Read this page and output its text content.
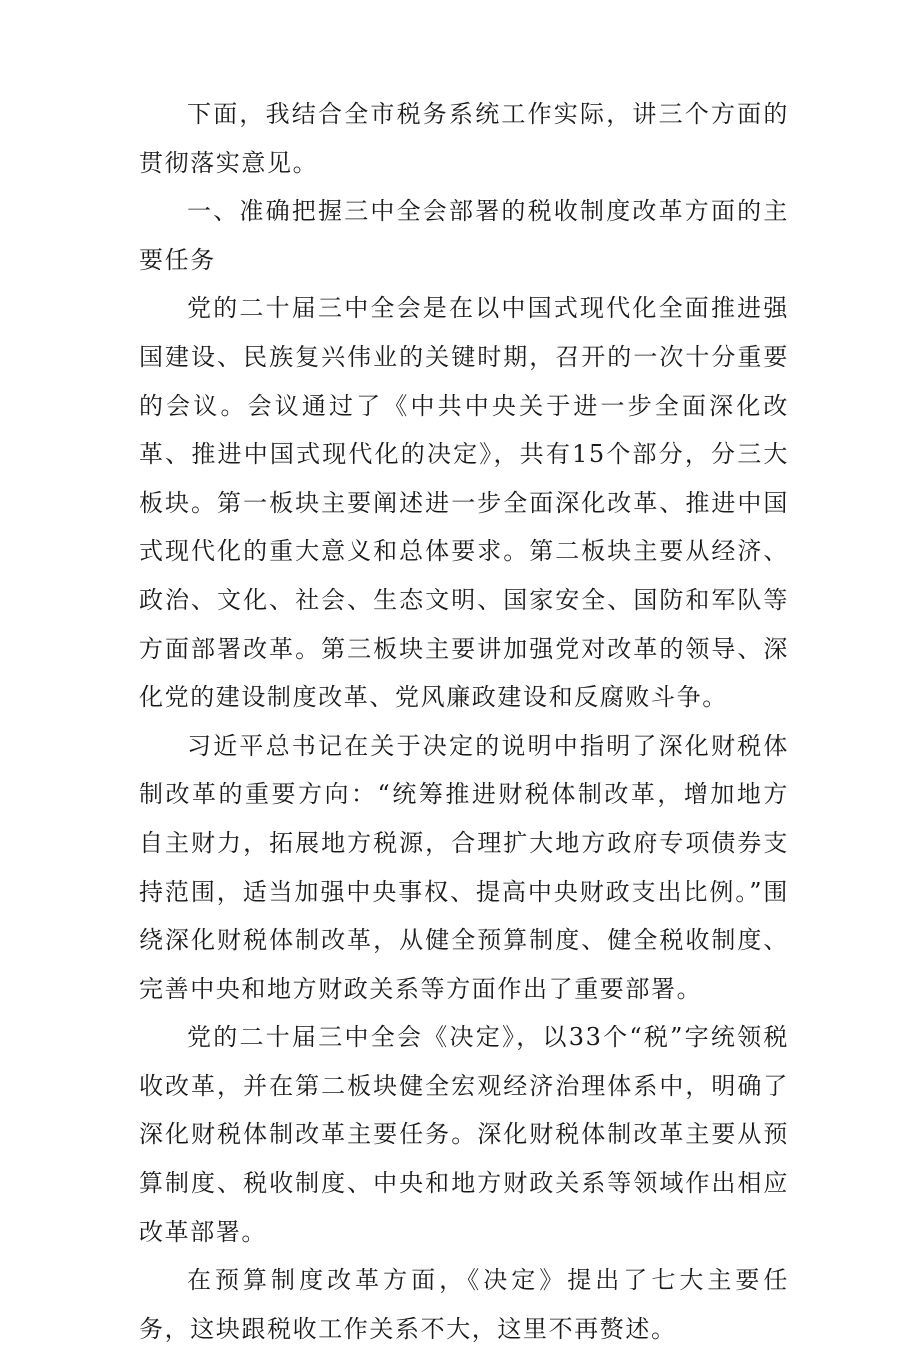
下面，我结合全市税务系统工作实际，讲三个方面的贯彻落实意见。

一、准确把握三中全会部署的税收制度改革方面的主要任务

党的二十届三中全会是在以中国式现代化全面推进强国建设、民族复兴伟业的关键时期，召开的一次十分重要的会议。会议通过了《中共中央关于进一步全面深化改革、推进中国式现代化的决定》，共有15个部分，分三大板块。第一板块主要阐述进一步全面深化改革、推进中国式现代化的重大意义和总体要求。第二板块主要从经济、政治、文化、社会、生态文明、国家安全、国防和军队等方面部署改革。第三板块主要讲加强党对改革的领导、深化党的建设制度改革、党风廉政建设和反腐败斗争。

习近平总书记在关于决定的说明中指明了深化财税体制改革的重要方向：“统筹推进财税体制改革，增加地方自主财力，拓展地方税源，合理扩大地方政府专项债券支持范围，适当加强中央事权、提高中央财政支出比例。”围绕深化财税体制改革，从健全预算制度、健全税收制度、完善中央和地方财政关系等方面作出了重要部署。

党的二十届三中全会《决定》，以33个“税”字统领税收改革，并在第二板块健全宏观经济治理体系中，明确了深化财税体制改革主要任务。深化财税体制改革主要从预算制度、税收制度、中央和地方财政关系等领域作出相应改革部署。

在预算制度改革方面，《决定》提出了七大主要任务，这块跟税收工作关系不大，这里不再赘述。
